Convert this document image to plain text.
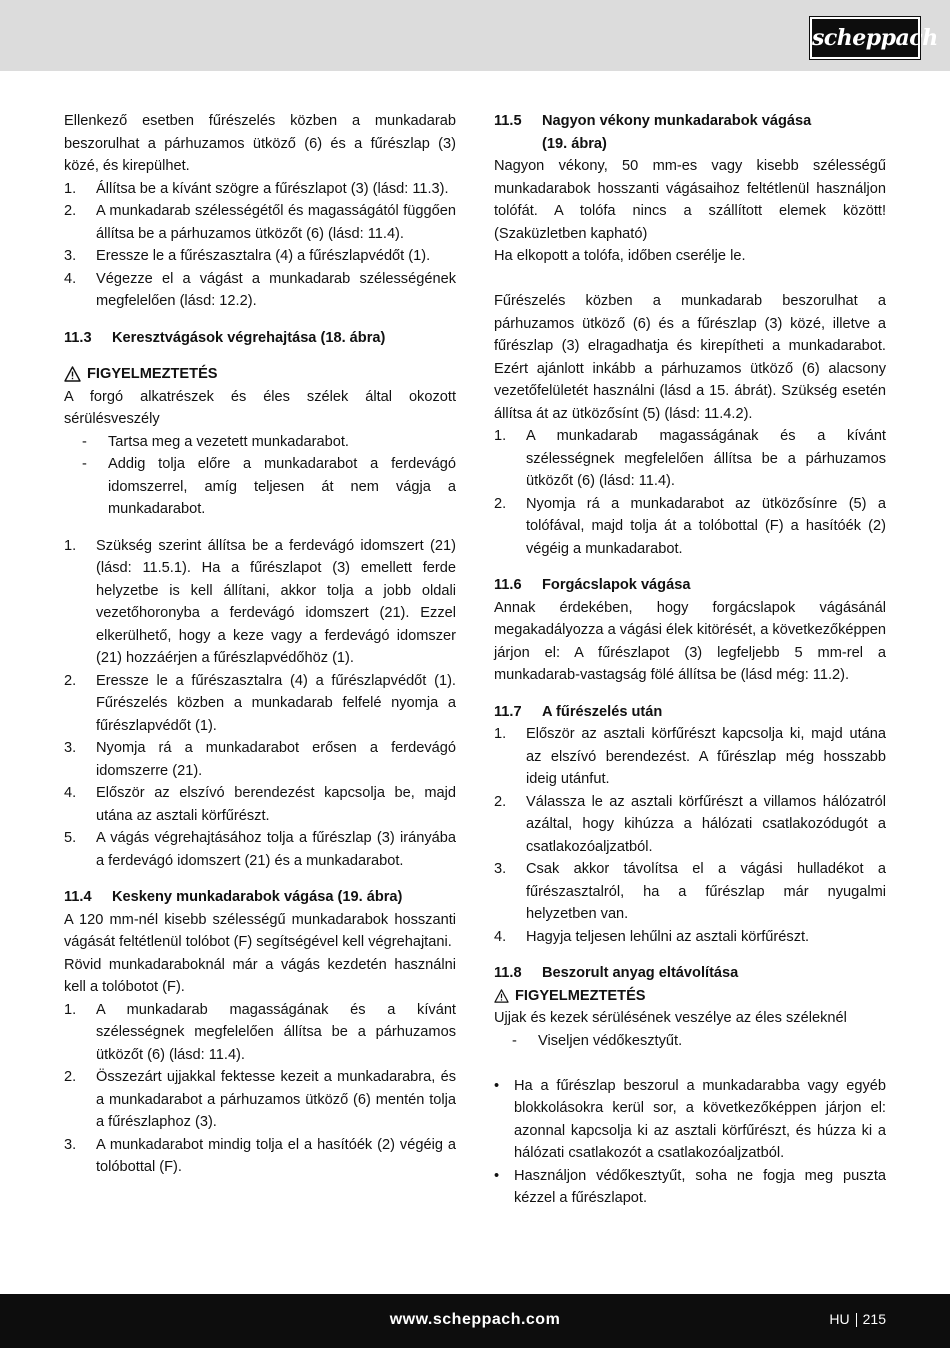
scheppach

Ellenkező esetben fűrészelés közben a munkadarab beszorulhat a párhuzamos ütköző (6) és a fűrészlap (3) közé, és kirepülhet.

1.	Állítsa be a kívánt szögre a fűrészlapot (3) (lásd: 11.3).
2.	A munkadarab szélességétől és magasságától függően állítsa be a párhuzamos ütközőt (6) (lásd: 11.4).
3.	Eressze le a fűrészasztalra (4) a fűrészlapvédőt (1).
4.	Végezze el a vágást a munkadarab szélességének megfelelően (lásd: 12.2).
11.3	Keresztvágások végrehajtása (18. ábra)
FIGYELMEZTETÉS

A forgó alkatrészek és éles szélek által okozott sérülésveszély

-	Tartsa meg a vezetett munkadarabot.
-	Addig tolja előre a munkadarabot a ferdevágó idomszerrel, amíg teljesen át nem vágja a munkadarabot.
1.	Szükség szerint állítsa be a ferdevágó idomszert (21) (lásd: 11.5.1). Ha a fűrészlapot (3) emellett ferde helyzetbe is kell állítani, akkor tolja a jobb oldali vezetőhoronyba a ferdevágó idomszert (21). Ezzel elkerülhető, hogy a keze vagy a ferdevágó idomszer (21) hozzáérjen a fűrészlapvédőhöz (1).
2.	Eressze le a fűrészasztalra (4) a fűrészlapvédőt (1). Fűrészelés közben a munkadarab felfelé nyomja a fűrészlapvédőt (1).
3.	Nyomja rá a munkadarabot erősen a ferdevágó idomszerre (21).
4.	Először az elszívó berendezést kapcsolja be, majd utána az asztali körfűrészt.
5.	A vágás végrehajtásához tolja a fűrészlap (3) irányába a ferdevágó idomszert (21) és a munkadarabot.
11.4	Keskeny munkadarabok vágása (19. ábra)

A 120 mm-nél kisebb szélességű munkadarabok hosszanti vágását feltétlenül tolóbot (F) segítségével kell végrehajtani.

Rövid munkadaraboknál már a vágás kezdetén használni kell a tolóbotot (F).

1.	A munkadarab magasságának és a kívánt szélességnek megfelelően állítsa be a párhuzamos ütközőt (6) (lásd: 11.4).
2.	Összezárt ujjakkal fektesse kezeit a munkadarabra, és a munkadarabot a párhuzamos ütköző (6) mentén tolja a fűrészlaphoz (3).
3.	A munkadarabot mindig tolja el a hasítóék (2) végéig a tolóbottal (F).
11.5	Nagyon vékony munkadarabok vágása
(19. ábra)

Nagyon vékony, 50 mm-es vagy kisebb szélességű munkadarabok hosszanti vágásaihoz feltétlenül használjon tolófát. A tolófa nincs a szállított elemek között! (Szaküzletben kapható)

Ha elkopott a tolófa, időben cserélje le.

Fűrészelés közben a munkadarab beszorulhat a párhuzamos ütköző (6) és a fűrészlap (3) közé, illetve a fűrészlap (3) elragadhatja és kirepítheti a munkadarabot. Ezért ajánlott inkább a párhuzamos ütköző (6) alacsony vezetőfelületét használni (lásd a 15. ábrát). Szükség esetén állítsa át az ütközősínt (5) (lásd: 11.4.2).

1.	A munkadarab magasságának és a kívánt szélességnek megfelelően állítsa be a párhuzamos ütközőt (6) (lásd: 11.4).
2.	Nyomja rá a munkadarabot az ütközősínre (5) a tolófával, majd tolja át a tolóbottal (F) a hasítóék (2) végéig a munkadarabot.
11.6	Forgácslapok vágása

Annak érdekében, hogy forgácslapok vágásánál megakadályozza a vágási élek kitörését, a következőképpen járjon el: A fűrészlapot (3) legfeljebb 5 mm-rel a munkadarab-vastagság fölé állítsa be (lásd még: 11.2).

11.7	A fűrészelés után
1.	Először az asztali körfűrészt kapcsolja ki, majd utána az elszívó berendezést. A fűrészlap még hosszabb ideig utánfut.
2.	Válassza le az asztali körfűrészt a villamos hálózatról azáltal, hogy kihúzza a hálózati csatlakozódugót a csatlakozóaljzatból.
3.	Csak akkor távolítsa el a vágási hulladékot a fűrészasztalról, ha a fűrészlap már nyugalmi helyzetben van.
4.	Hagyja teljesen lehűlni az asztali körfűrészt.
11.8	Beszorult anyag eltávolítása
FIGYELMEZTETÉS

Ujjak és kezek sérülésének veszélye az éles széleknél

-	Viseljen védőkesztyűt.
•	Ha a fűrészlap beszorul a munkadarabba vagy egyéb blokkolásokra kerül sor, a következőképpen járjon el: azonnal kapcsolja ki az asztali körfűrészt, és húzza ki a hálózati csatlakozót a csatlakozóaljzatból.
•	Használjon védőkesztyűt, soha ne fogja meg puszta kézzel a fűrészlapot.
www.scheppach.com	HU 215
